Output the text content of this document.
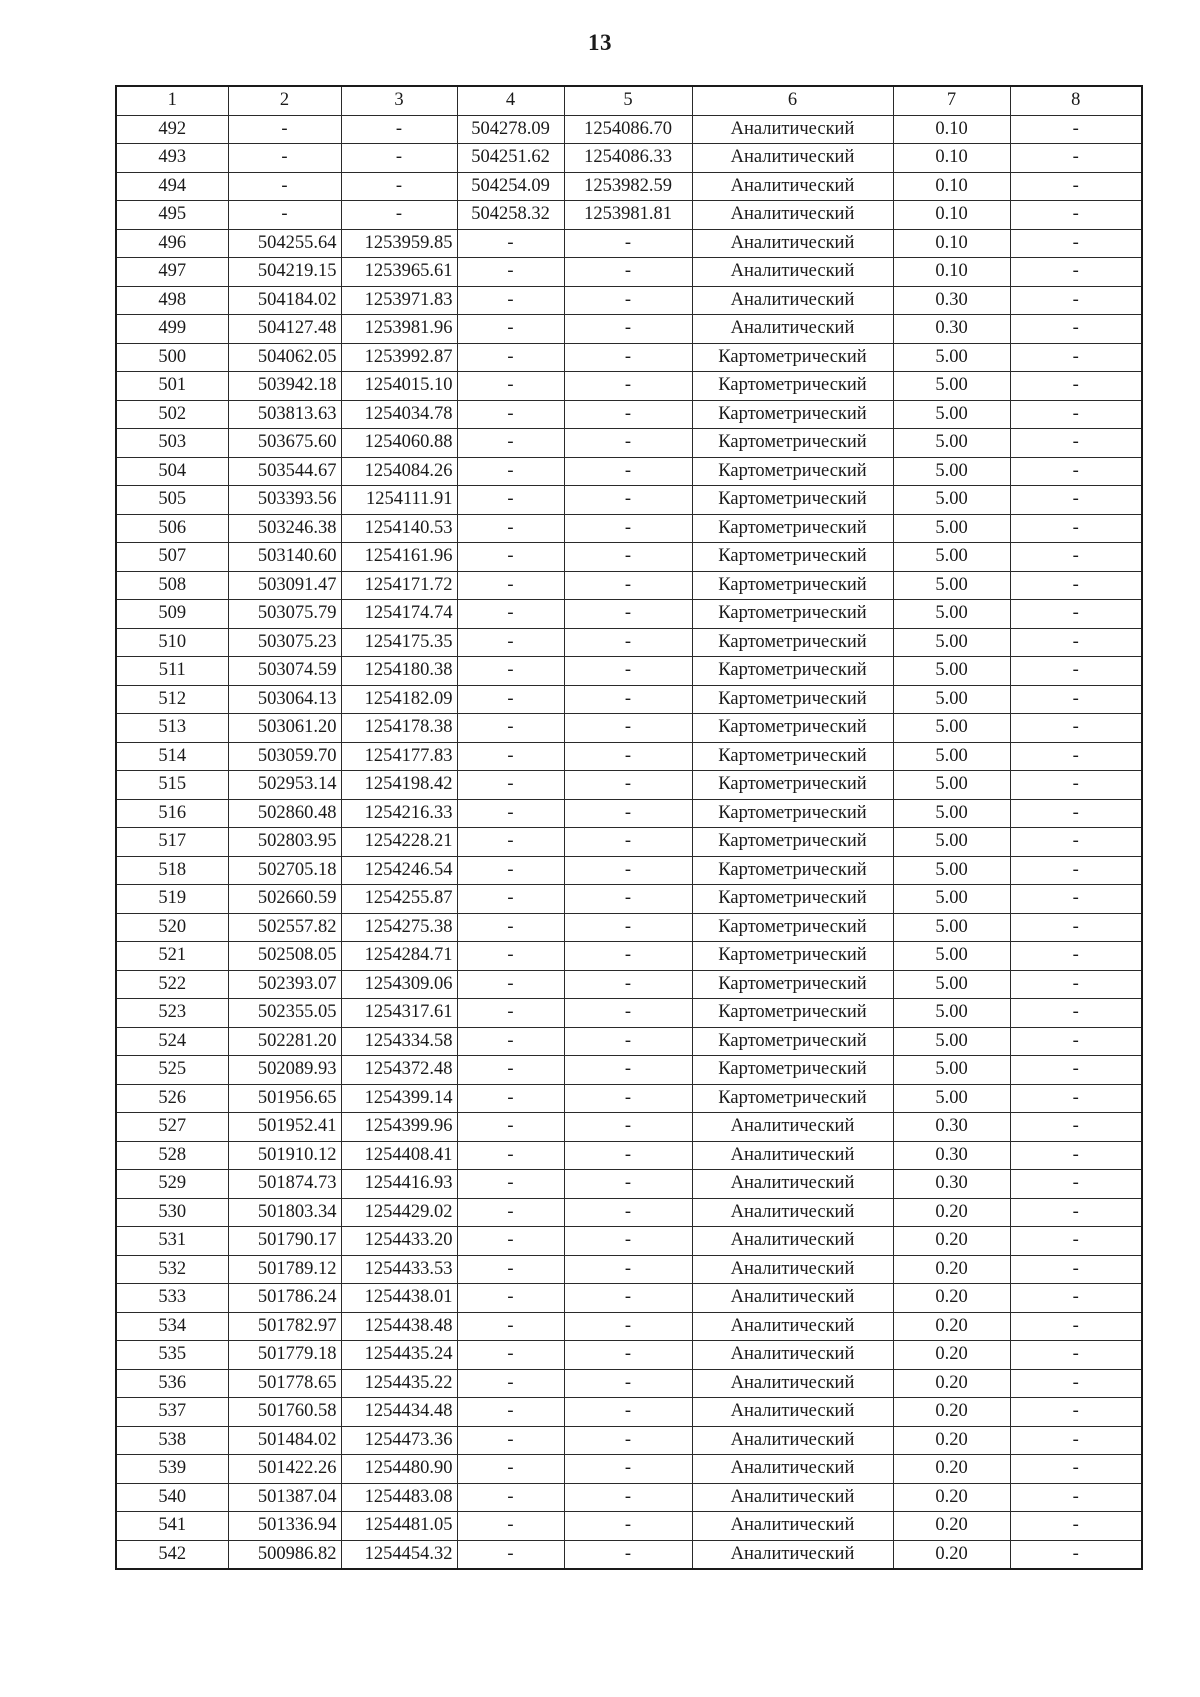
13
1	2	3	4	5	6	7	8
492	-	-	504278.09	1254086.70	Аналитический	0.10	-
493	-	-	504251.62	1254086.33	Аналитический	0.10	-
494	-	-	504254.09	1253982.59	Аналитический	0.10	-
495	-	-	504258.32	1253981.81	Аналитический	0.10	-
496	504255.64	1253959.85	-	-	Аналитический	0.10	-
497	504219.15	1253965.61	-	-	Аналитический	0.10	-
498	504184.02	1253971.83	-	-	Аналитический	0.30	-
499	504127.48	1253981.96	-	-	Аналитический	0.30	-
500	504062.05	1253992.87	-	-	Картометрический	5.00	-
501	503942.18	1254015.10	-	-	Картометрический	5.00	-
502	503813.63	1254034.78	-	-	Картометрический	5.00	-
503	503675.60	1254060.88	-	-	Картометрический	5.00	-
504	503544.67	1254084.26	-	-	Картометрический	5.00	-
505	503393.56	1254111.91	-	-	Картометрический	5.00	-
506	503246.38	1254140.53	-	-	Картометрический	5.00	-
507	503140.60	1254161.96	-	-	Картометрический	5.00	-
508	503091.47	1254171.72	-	-	Картометрический	5.00	-
509	503075.79	1254174.74	-	-	Картометрический	5.00	-
510	503075.23	1254175.35	-	-	Картометрический	5.00	-
511	503074.59	1254180.38	-	-	Картометрический	5.00	-
512	503064.13	1254182.09	-	-	Картометрический	5.00	-
513	503061.20	1254178.38	-	-	Картометрический	5.00	-
514	503059.70	1254177.83	-	-	Картометрический	5.00	-
515	502953.14	1254198.42	-	-	Картометрический	5.00	-
516	502860.48	1254216.33	-	-	Картометрический	5.00	-
517	502803.95	1254228.21	-	-	Картометрический	5.00	-
518	502705.18	1254246.54	-	-	Картометрический	5.00	-
519	502660.59	1254255.87	-	-	Картометрический	5.00	-
520	502557.82	1254275.38	-	-	Картометрический	5.00	-
521	502508.05	1254284.71	-	-	Картометрический	5.00	-
522	502393.07	1254309.06	-	-	Картометрический	5.00	-
523	502355.05	1254317.61	-	-	Картометрический	5.00	-
524	502281.20	1254334.58	-	-	Картометрический	5.00	-
525	502089.93	1254372.48	-	-	Картометрический	5.00	-
526	501956.65	1254399.14	-	-	Картометрический	5.00	-
527	501952.41	1254399.96	-	-	Аналитический	0.30	-
528	501910.12	1254408.41	-	-	Аналитический	0.30	-
529	501874.73	1254416.93	-	-	Аналитический	0.30	-
530	501803.34	1254429.02	-	-	Аналитический	0.20	-
531	501790.17	1254433.20	-	-	Аналитический	0.20	-
532	501789.12	1254433.53	-	-	Аналитический	0.20	-
533	501786.24	1254438.01	-	-	Аналитический	0.20	-
534	501782.97	1254438.48	-	-	Аналитический	0.20	-
535	501779.18	1254435.24	-	-	Аналитический	0.20	-
536	501778.65	1254435.22	-	-	Аналитический	0.20	-
537	501760.58	1254434.48	-	-	Аналитический	0.20	-
538	501484.02	1254473.36	-	-	Аналитический	0.20	-
539	501422.26	1254480.90	-	-	Аналитический	0.20	-
540	501387.04	1254483.08	-	-	Аналитический	0.20	-
541	501336.94	1254481.05	-	-	Аналитический	0.20	-
542	500986.82	1254454.32	-	-	Аналитический	0.20	-
